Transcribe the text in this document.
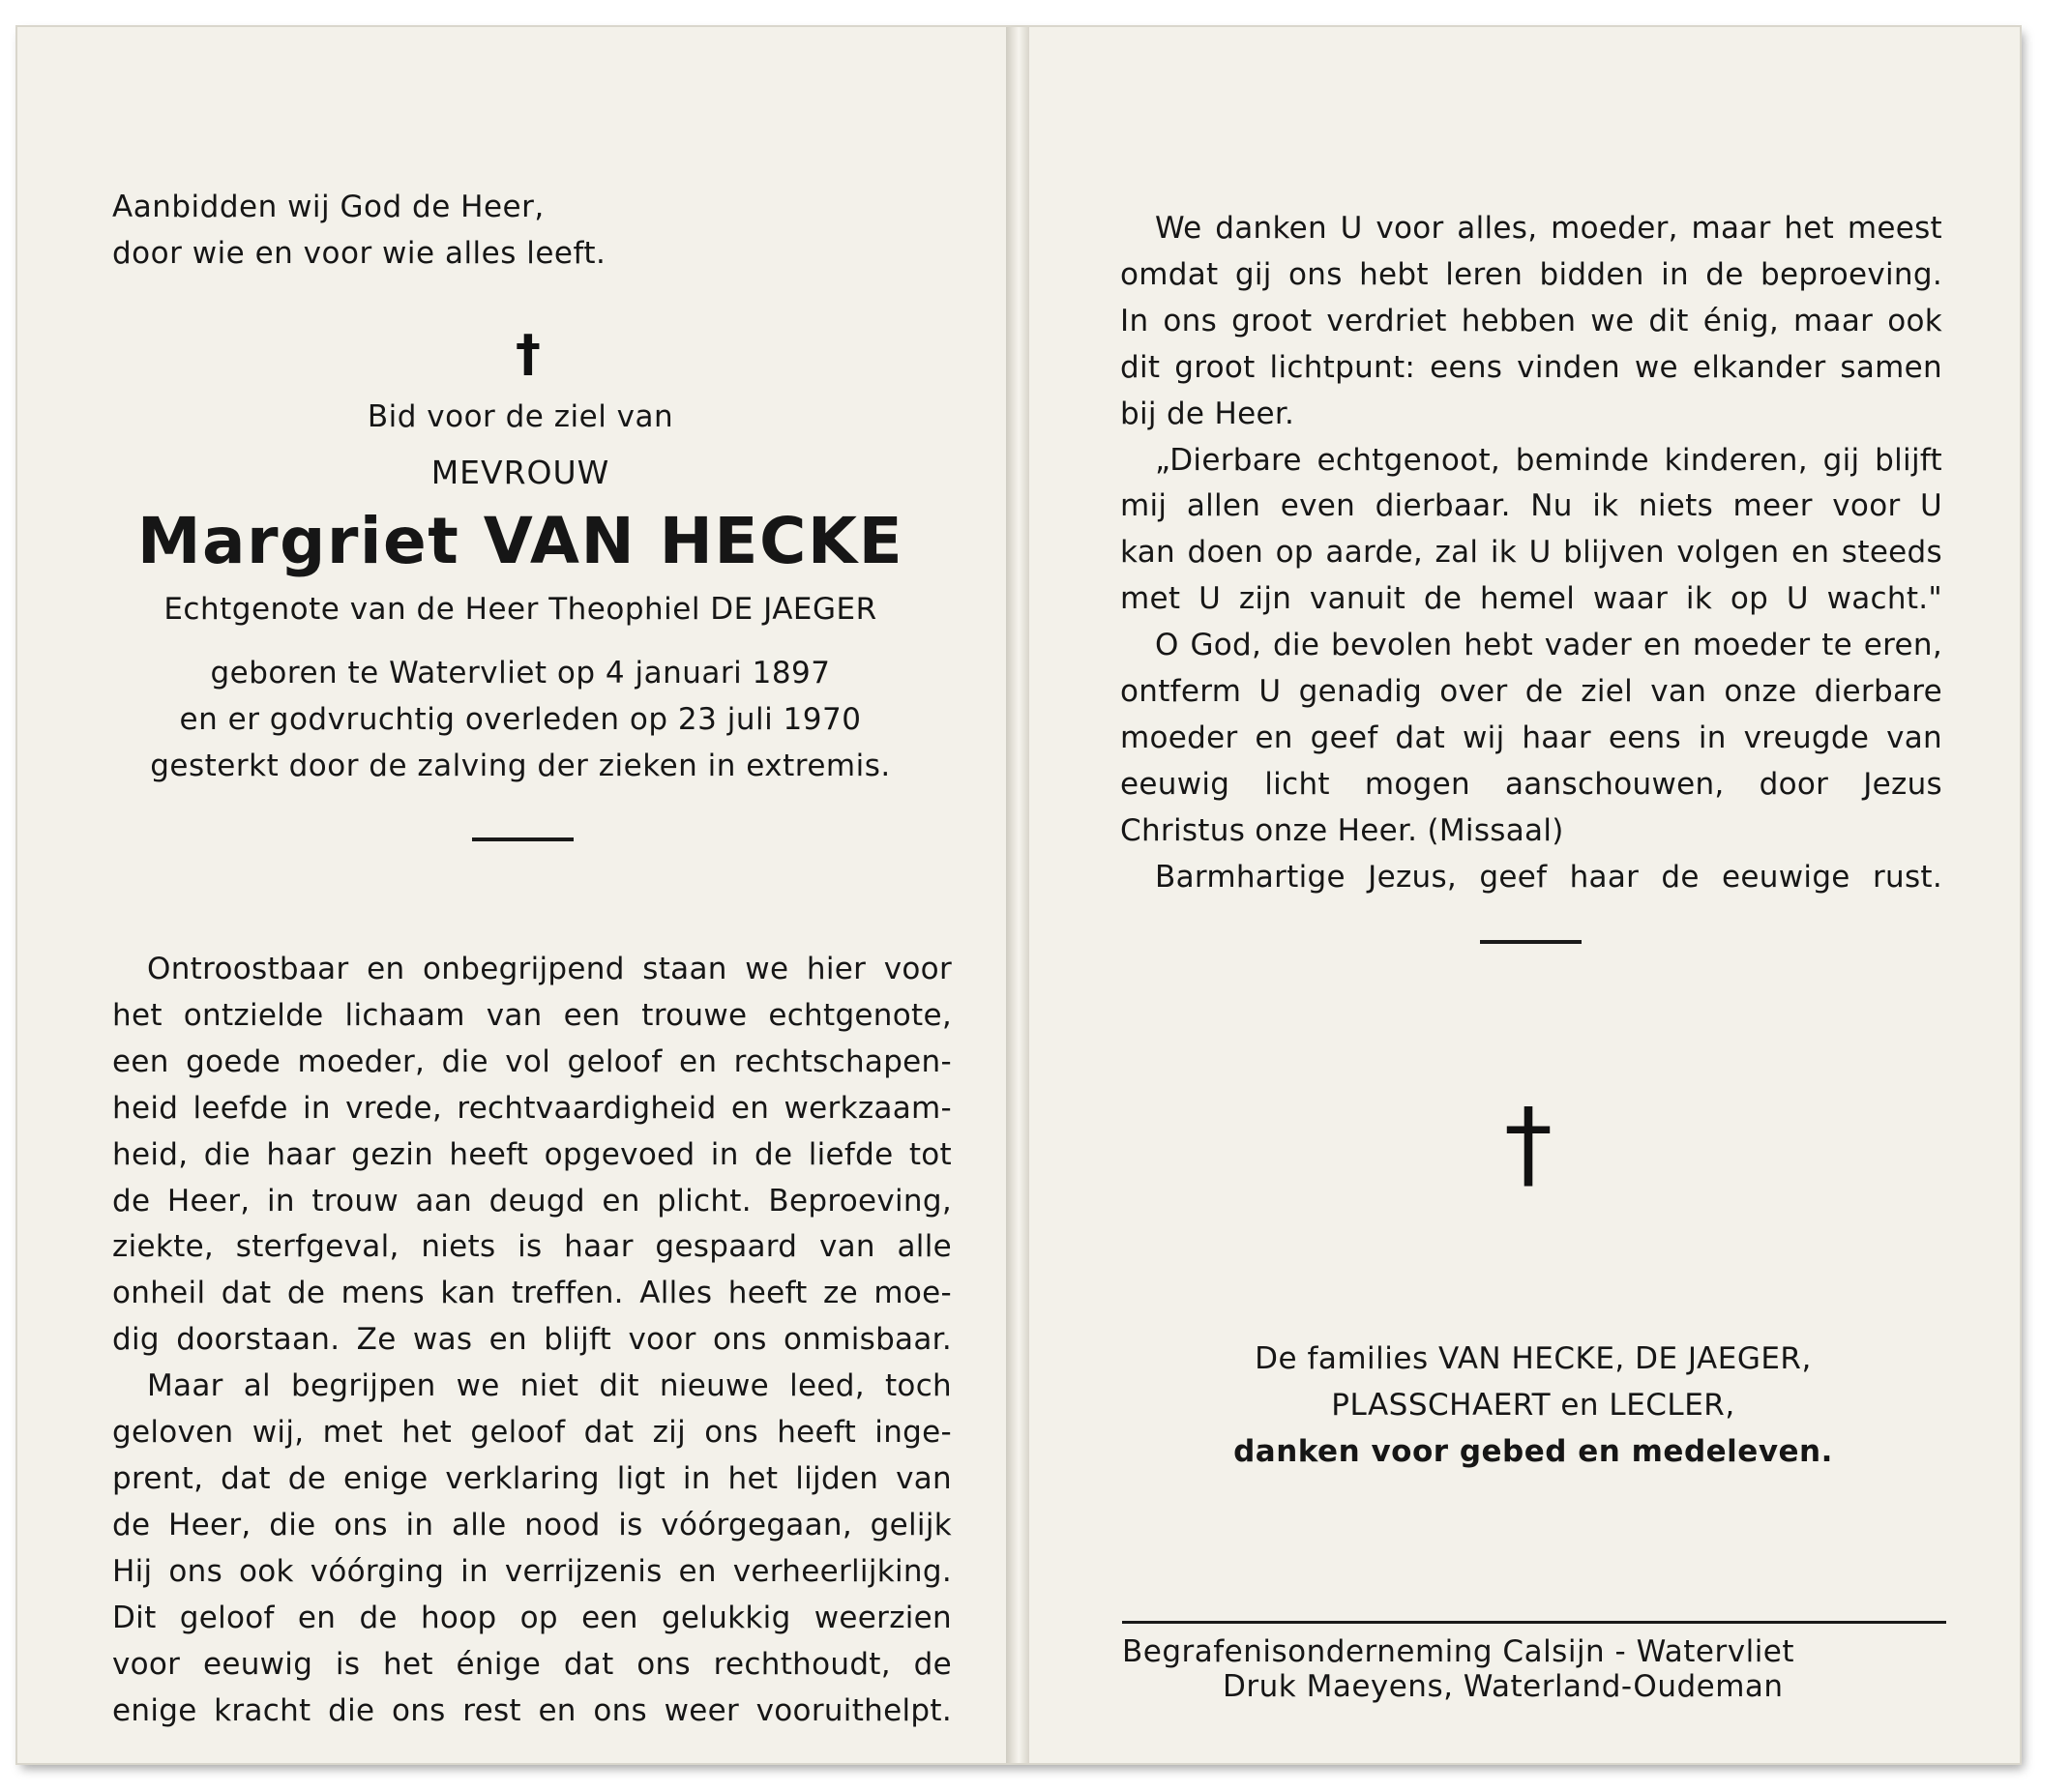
Aanbidden wij God de Heer,
door wie en voor wie alles leeft.
†
Bid voor de ziel van
MEVROUW
Margriet VAN HECKE
Echtgenote van de Heer Theophiel DE JAEGER
geboren te Watervliet op 4 januari 1897
en er godvruchtig overleden op 23 juli 1970
gesterkt door de zalving der zieken in extremis.
Ontroostbaar en onbegrijpend staan we hier voor
het ontzielde lichaam van een trouwe echtgenote,
een goede moeder, die vol geloof en rechtschapen-
heid leefde in vrede, rechtvaardigheid en werkzaam-
heid, die haar gezin heeft opgevoed in de liefde tot
de Heer, in trouw aan deugd en plicht. Beproeving,
ziekte, sterfgeval, niets is haar gespaard van alle
onheil dat de mens kan treffen. Alles heeft ze moe-
dig doorstaan. Ze was en blijft voor ons onmisbaar.
Maar al begrijpen we niet dit nieuwe leed, toch
geloven wij, met het geloof dat zij ons heeft inge-
prent, dat de enige verklaring ligt in het lijden van
de Heer, die ons in alle nood is vóórgegaan, gelijk
Hij ons ook vóórging in verrijzenis en verheerlijking.
Dit geloof en de hoop op een gelukkig weerzien
voor eeuwig is het énige dat ons rechthoudt, de
enige kracht die ons rest en ons weer vooruithelpt.
We danken U voor alles, moeder, maar het meest
omdat gij ons hebt leren bidden in de beproeving.
In ons groot verdriet hebben we dit énig, maar ook
dit groot lichtpunt: eens vinden we elkander samen
bij de Heer.
„Dierbare echtgenoot, beminde kinderen, gij blijft
mij allen even dierbaar. Nu ik niets meer voor U
kan doen op aarde, zal ik U blijven volgen en steeds
met U zijn vanuit de hemel waar ik op U wacht."
O God, die bevolen hebt vader en moeder te eren,
ontferm U genadig over de ziel van onze dierbare
moeder en geef dat wij haar eens in vreugde van
eeuwig licht mogen aanschouwen, door Jezus
Christus onze Heer. (Missaal)
Barmhartige Jezus, geef haar de eeuwige rust.
†
De families VAN HECKE, DE JAEGER,
PLASSCHAERT en LECLER,
danken voor gebed en medeleven.
Begrafenisonderneming Calsijn - Watervliet
Druk Maeyens, Waterland-Oudeman
